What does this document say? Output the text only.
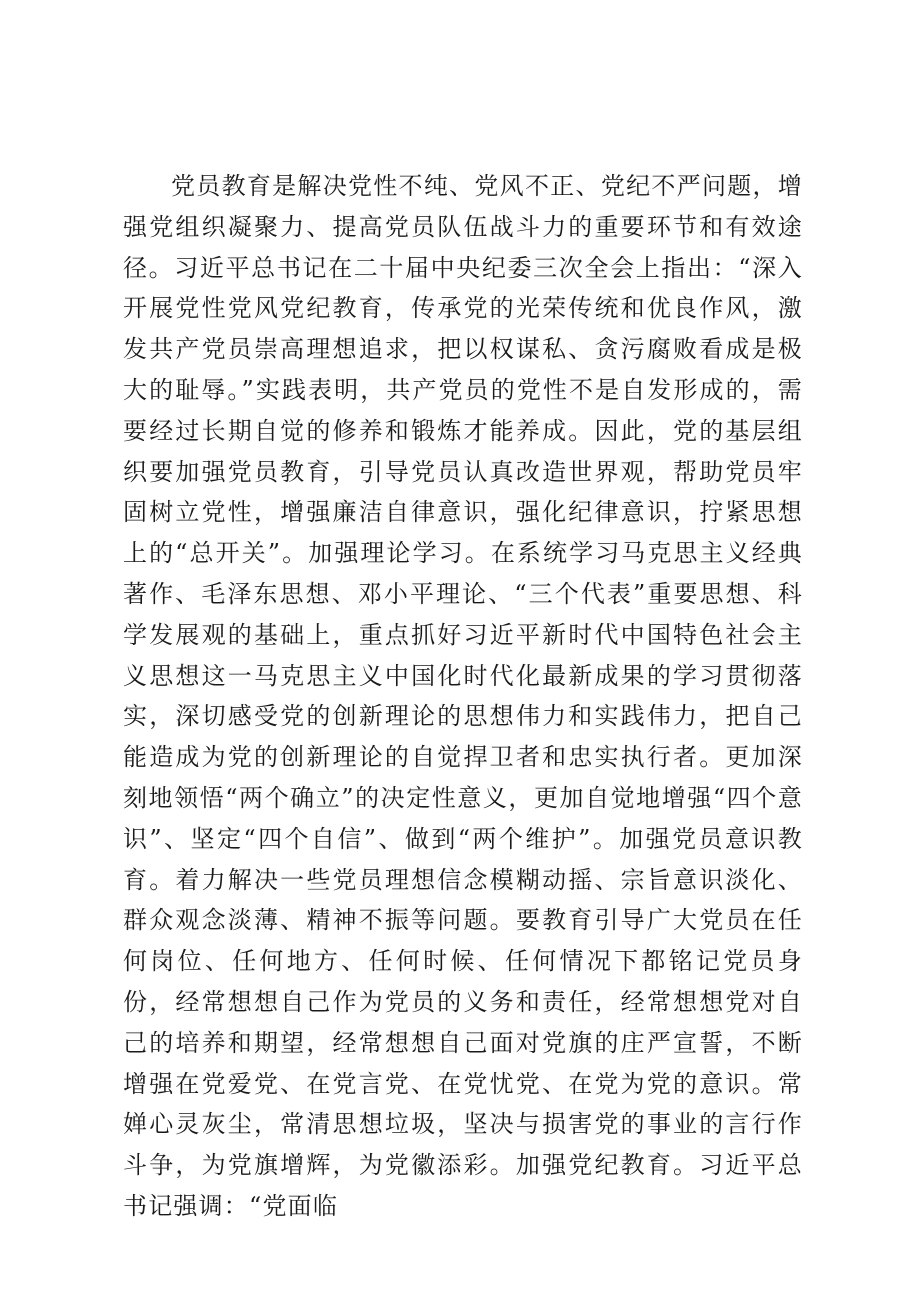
党员教育是解决党性不纯、党风不正、党纪不严问题，增强党组织凝聚力、提高党员队伍战斗力的重要环节和有效途径。习近平总书记在二十届中央纪委三次全会上指出：“深入开展党性党风党纪教育，传承党的光荣传统和优良作风，激发共产党员崇高理想追求，把以权谋私、贪污腐败看成是极大的耻辱。”实践表明，共产党员的党性不是自发形成的，需要经过长期自觉的修养和锻炼才能养成。因此，党的基层组织要加强党员教育，引导党员认真改造世界观，帮助党员牢固树立党性，增强廉洁自律意识，强化纪律意识，拧紧思想上的“总开关”。加强理论学习。在系统学习马克思主义经典著作、毛泽东思想、邓小平理论、“三个代表”重要思想、科学发展观的基础上，重点抓好习近平新时代中国特色社会主义思想这一马克思主义中国化时代化最新成果的学习贯彻落实，深切感受党的创新理论的思想伟力和实践伟力，把自己能造成为党的创新理论的自觉捍卫者和忠实执行者。更加深刻地领悟“两个确立”的决定性意义，更加自觉地增强“四个意识”、坚定“四个自信”、做到“两个维护”。加强党员意识教育。着力解决一些党员理想信念模糊动摇、宗旨意识淡化、群众观念淡薄、精神不振等问题。要教育引导广大党员在任何岗位、任何地方、任何时候、任何情况下都铭记党员身份，经常想想自己作为党员的义务和责任，经常想想党对自己的培养和期望，经常想想自己面对党旗的庄严宣誓，不断增强在党爱党、在党言党、在党忧党、在党为党的意识。常婵心灵灰尘，常清思想垃圾，坚决与损害党的事业的言行作斗争，为党旗增辉，为党徽添彩。加强党纪教育。习近平总书记强调：“党面临
